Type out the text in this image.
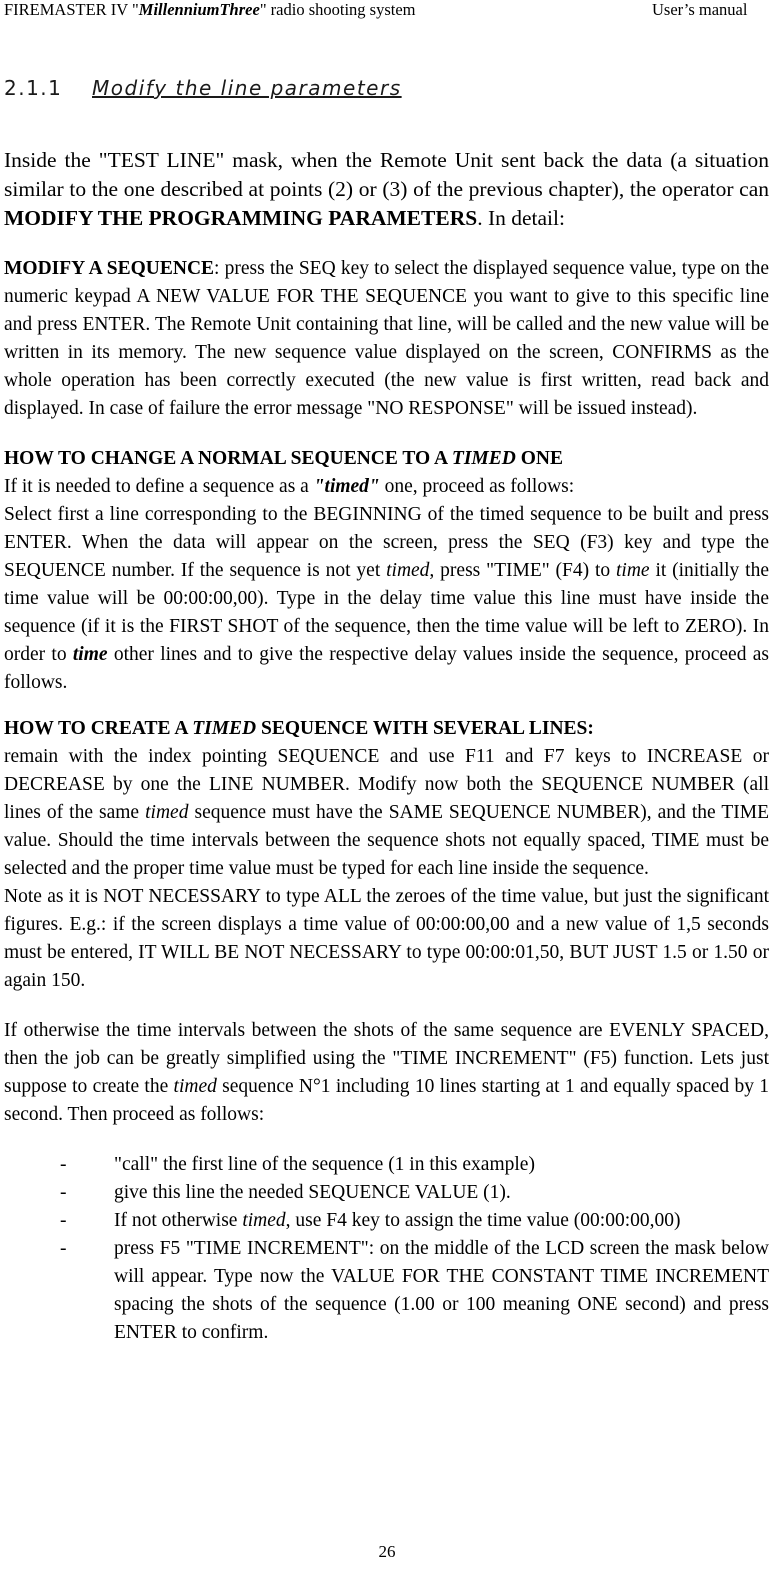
FIREMASTER IV "MillenniumThree" radio shooting system	User’s manual
2.1.1 Modify the line parameters

Inside the "TEST LINE" mask, when the Remote Unit sent back the data (a situation similar to the one described at points (2) or (3) of the previous chapter), the operator can MODIFY THE PROGRAMMING PARAMETERS. In detail:

MODIFY A SEQUENCE: press the SEQ key to select the displayed sequence value, type on the numeric keypad A NEW VALUE FOR THE SEQUENCE you want to give to this specific line and press ENTER. The Remote Unit containing that line, will be called and the new value will be written in its memory. The new sequence value displayed on the screen, CONFIRMS as the whole operation has been correctly executed (the new value is first written, read back and displayed. In case of failure the error message "NO RESPONSE" will be issued instead).

HOW TO CHANGE A NORMAL SEQUENCE TO A TIMED ONE

If it is needed to define a sequence as a "timed" one, proceed as follows:

Select first a line corresponding to the BEGINNING of the timed sequence to be built and press ENTER. When the data will appear on the screen, press the SEQ (F3) key and type the SEQUENCE number. If the sequence is not yet timed, press "TIME" (F4) to time it (initially the time value will be 00:00:00,00). Type in the delay time value this line must have inside the sequence (if it is the FIRST SHOT of the sequence, then the time value will be left to ZERO). In order to time other lines and to give the respective delay values inside the sequence, proceed as follows.

HOW TO CREATE A TIMED SEQUENCE WITH SEVERAL LINES:

remain with the index pointing SEQUENCE and use F11 and F7 keys to INCREASE or DECREASE by one the LINE NUMBER. Modify now both the SEQUENCE NUMBER (all lines of the same timed sequence must have the SAME SEQUENCE NUMBER), and the TIME value. Should the time intervals between the sequence shots not equally spaced, TIME must be selected and the proper time value must be typed for each line inside the sequence.

Note as it is NOT NECESSARY to type ALL the zeroes of the time value, but just the significant figures. E.g.: if the screen displays a time value of 00:00:00,00 and a new value of 1,5 seconds must be entered, IT WILL BE NOT NECESSARY to type 00:00:01,50, BUT JUST 1.5 or 1.50 or again 150.

If otherwise the time intervals between the shots of the same sequence are EVENLY SPACED, then the job can be greatly simplified using the "TIME INCREMENT" (F5) function. Lets just suppose to create the timed sequence N°1 including 10 lines starting at 1 and equally spaced by 1 second. Then proceed as follows:

- "call" the first line of the sequence (1 in this example)
- give this line the needed SEQUENCE VALUE (1).
- If not otherwise timed, use F4 key to assign the time value (00:00:00,00)
- press F5 "TIME INCREMENT": on the middle of the LCD screen the mask below will appear. Type now the VALUE FOR THE CONSTANT TIME INCREMENT spacing the shots of the sequence (1.00 or 100 meaning ONE second) and press ENTER to confirm.
26
